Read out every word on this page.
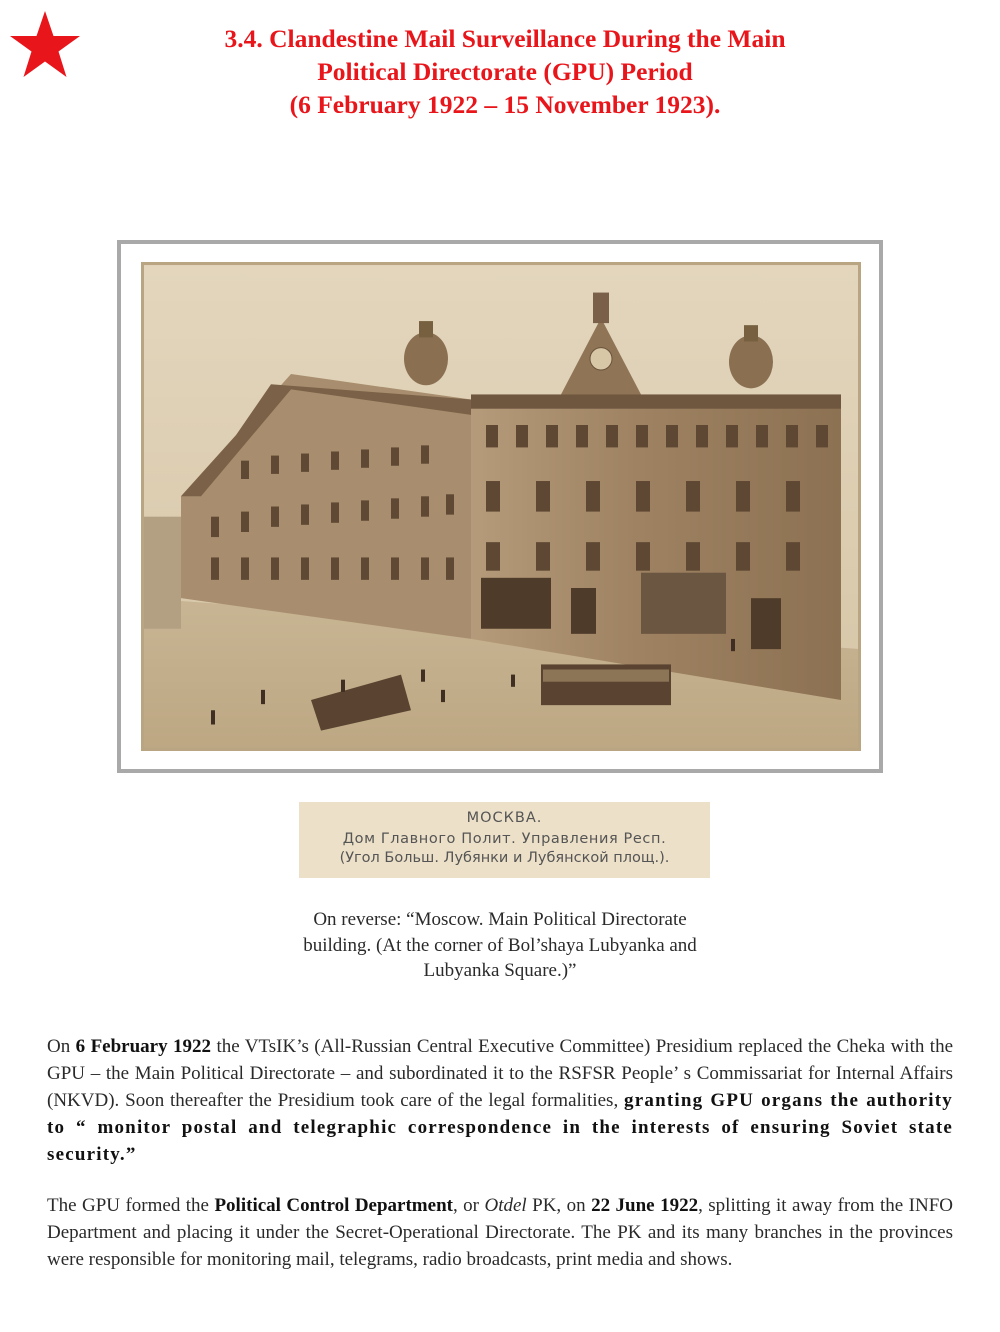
3.4. Clandestine Mail Surveillance During the Main
Political Directorate (GPU) Period
(6 February 1922 – 15 November 1923).
МОСКВА.
Дом Главного Полит. Управления Респ.
(Угол Больш. Лубянки и Лубянской площ.).
On reverse: “Moscow. Main Political Directorate
building. (At the corner of Bol’shaya Lubyanka and
Lubyanka Square.)”
On 6 February 1922 the VTsIK’s (All-Russian Central Executive Committee) Presidium replaced the Cheka with the GPU – the Main Political Directorate – and subordinated it to the RSFSR People’ s Commissariat for Internal Affairs (NKVD). Soon thereafter the Presidium took care of the legal formalities, granting GPU organs the authority to “ monitor postal and telegraphic correspondence in the interests of ensuring Soviet state security.”
The GPU formed the Political Control Department, or Otdel PK, on 22 June 1922, splitting it away from the INFO Department and placing it under the Secret-Operational Directorate. The PK and its many branches in the provinces were responsible for monitoring mail, telegrams, radio broadcasts, print media and shows.
